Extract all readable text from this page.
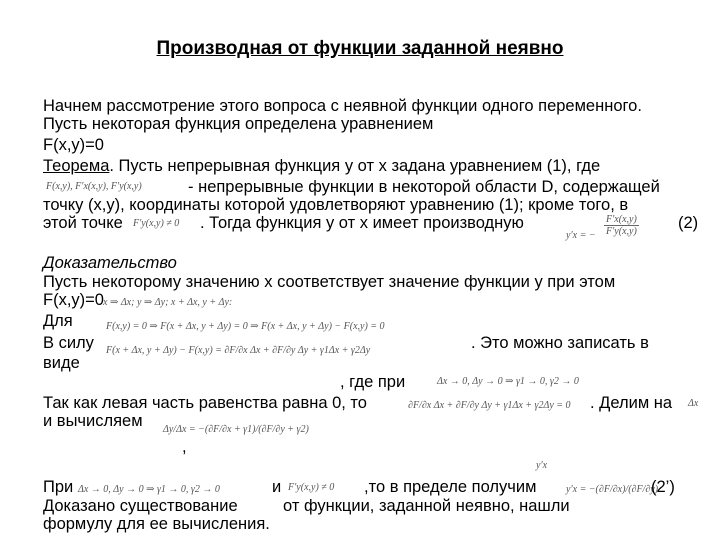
Производная от функции заданной неявно
Начнем рассмотрение этого вопроса с неявной функции одного переменного.
Пусть некоторая функция определена уравнением
F(x,y)=0
Теорема. Пусть непрерывная функция y от x задана уравнением (1), где
F(x,y), F′x(x,y), F′y(x,y)	- непрерывные функции в некоторой области D, содержащей
точку (x,y), координаты которой удовлетворяют уравнению (1); кроме того, в
этой точке F′y(x,y) ≠ 0 . Тогда функция y от x имеет производную
y′x = − $\frac{F'x(x,y)}{F'y(x,y)} (2)$
Доказательство
Пусть некоторому значению x соответствует значение функции y при этом
F(x,y)=0 x ⇒ Δx; y ⇒ Δy; x + Δx, y + Δy:
Для	F(x,y) = 0 ⇒ F(x + Δx, y + Δy) = 0 ⇒ F(x + Δx, y + Δy) − F(x,y) = 0
В силу F(x + Δx, y + Δy) − F(x,y) = ∂F/∂x Δx + ∂F/∂y Δy + γ1Δx + γ2Δy	. Это можно записать в
виде
, где при	Δx → 0, Δy → 0 ⇒ γ1 → 0, γ2 → 0
Так как левая часть равенства равна 0, то	∂F/∂x Δx + ∂F/∂y Δy + γ1Δx + γ2Δy = 0 . Делим на Δx
и вычисляем Δy/Δx = −(∂F/∂x + γ1)/(∂F/∂y + γ2)
,
y′x
При Δx → 0, Δy → 0 ⇒ γ1 → 0, γ2 → 0	и F′y(x,y) ≠ 0 ,то в пределе получим	y′x = −(∂F/∂x)/(∂F/∂y)
(2’)
Доказано существование	от функции, заданной неявно, нашли
формулу для ее вычисления.
